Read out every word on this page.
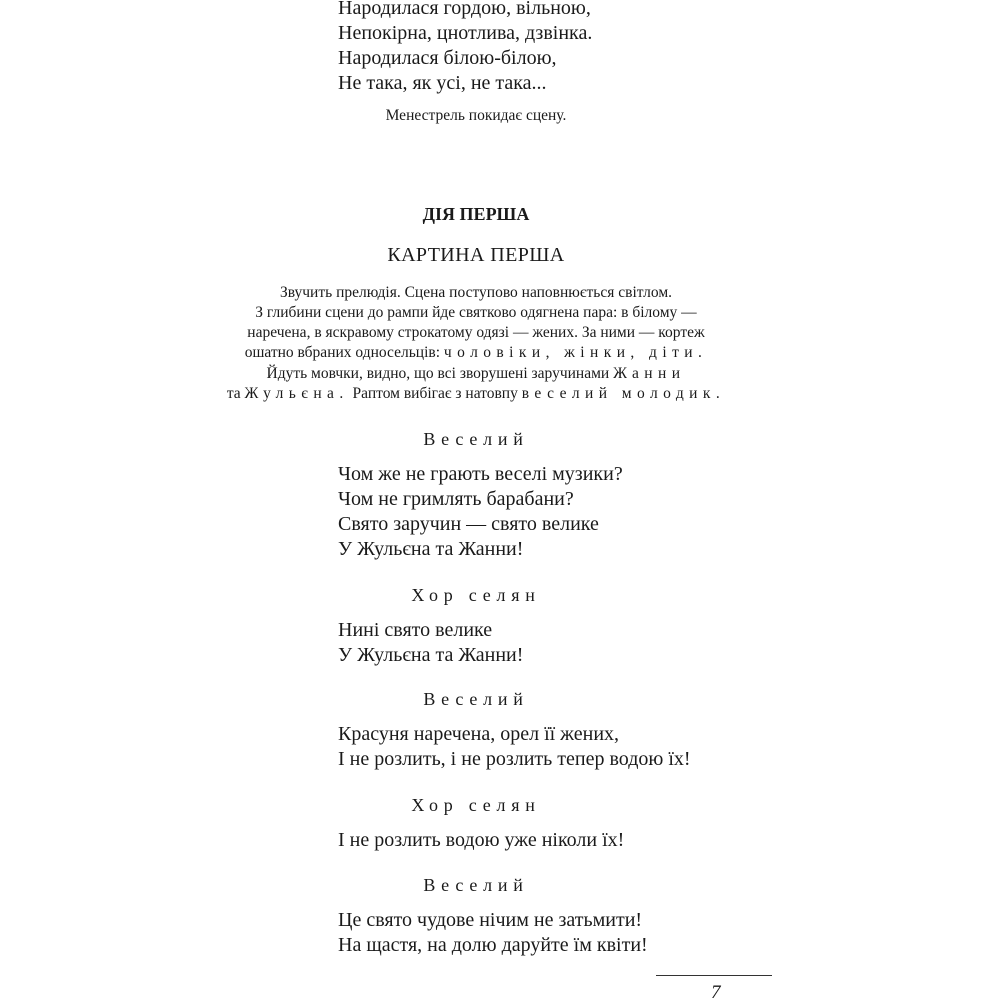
Народилася гордою, вільною,

Непокірна, цнотлива, дзвінка.

Народилася білою-білою,

Не така, як усі, не така...

Менестрель покидає сцену.

ДІЯ ПЕРША

КАРТИНА ПЕРША

Звучить прелюдія. Сцена поступово наповнюється світлом.

З глибини сцени до рампи йде святково одягнена пара: в білому —

наречена, в яскравому строкатому одязі — жених. За ними — кортеж

ошатно вбраних односельців: чоловіки, жінки, діти.

Йдуть мовчки, видно, що всі зворушені заручинами Жанни

та Жульєна. Раптом вибігає з натовпу веселий молодик.

Веселий

Чом же не грають веселі музики?

Чом не гримлять барабани?

Свято заручин — свято велике

У Жульєна та Жанни!

Хор селян

Нині свято велике

У Жульєна та Жанни!

Веселий

Красуня наречена, орел її жених,

І не розлить, і не розлить тепер водою їх!

Хор селян

І не розлить водою уже ніколи їх!

Веселий

Це свято чудове нічим не затьмити!

На щастя, на долю даруйте їм квіти!

7
